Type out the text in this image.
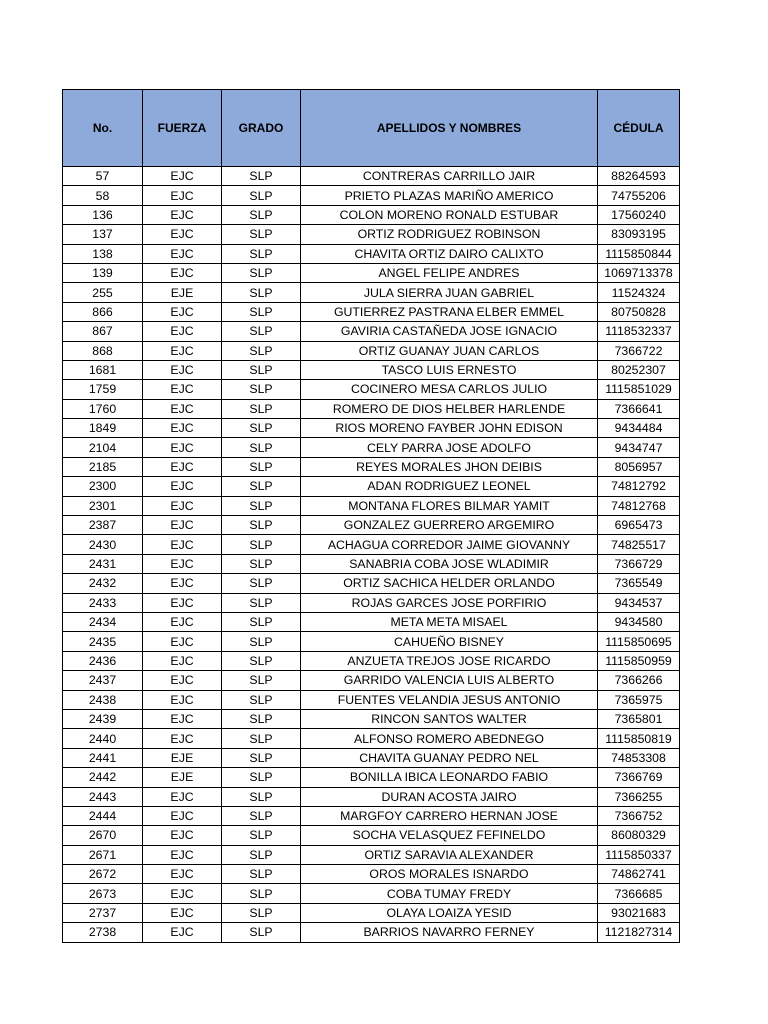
No.	FUERZA	GRADO	APELLIDOS Y NOMBRES	CÉDULA
57	EJC	SLP	CONTRERAS CARRILLO JAIR	88264593
58	EJC	SLP	PRIETO PLAZAS MARIÑO AMERICO	74755206
136	EJC	SLP	COLON MORENO RONALD ESTUBAR	17560240
137	EJC	SLP	ORTIZ RODRIGUEZ ROBINSON	83093195
138	EJC	SLP	CHAVITA ORTIZ DAIRO CALIXTO	1115850844
139	EJC	SLP	ANGEL FELIPE ANDRES	1069713378
255	EJE	SLP	JULA SIERRA JUAN GABRIEL	11524324
866	EJC	SLP	GUTIERREZ PASTRANA ELBER EMMEL	80750828
867	EJC	SLP	GAVIRIA CASTAÑEDA JOSE IGNACIO	1118532337
868	EJC	SLP	ORTIZ GUANAY JUAN CARLOS	7366722
1681	EJC	SLP	TASCO LUIS ERNESTO	80252307
1759	EJC	SLP	COCINERO MESA CARLOS JULIO	1115851029
1760	EJC	SLP	ROMERO DE DIOS HELBER HARLENDE	7366641
1849	EJC	SLP	RIOS MORENO FAYBER JOHN EDISON	9434484
2104	EJC	SLP	CELY PARRA JOSE ADOLFO	9434747
2185	EJC	SLP	REYES MORALES JHON DEIBIS	8056957
2300	EJC	SLP	ADAN RODRIGUEZ LEONEL	74812792
2301	EJC	SLP	MONTANA FLORES BILMAR YAMIT	74812768
2387	EJC	SLP	GONZALEZ GUERRERO ARGEMIRO	6965473
2430	EJC	SLP	ACHAGUA CORREDOR JAIME GIOVANNY	74825517
2431	EJC	SLP	SANABRIA COBA JOSE WLADIMIR	7366729
2432	EJC	SLP	ORTIZ SACHICA HELDER ORLANDO	7365549
2433	EJC	SLP	ROJAS GARCES JOSE PORFIRIO	9434537
2434	EJC	SLP	META META MISAEL	9434580
2435	EJC	SLP	CAHUEÑO BISNEY	1115850695
2436	EJC	SLP	ANZUETA TREJOS JOSE RICARDO	1115850959
2437	EJC	SLP	GARRIDO VALENCIA LUIS ALBERTO	7366266
2438	EJC	SLP	FUENTES VELANDIA JESUS ANTONIO	7365975
2439	EJC	SLP	RINCON SANTOS WALTER	7365801
2440	EJC	SLP	ALFONSO ROMERO ABEDNEGO	1115850819
2441	EJE	SLP	CHAVITA GUANAY PEDRO NEL	74853308
2442	EJE	SLP	BONILLA IBICA LEONARDO FABIO	7366769
2443	EJC	SLP	DURAN ACOSTA JAIRO	7366255
2444	EJC	SLP	MARGFOY CARRERO HERNAN JOSE	7366752
2670	EJC	SLP	SOCHA VELASQUEZ FEFINELDO	86080329
2671	EJC	SLP	ORTIZ SARAVIA ALEXANDER	1115850337
2672	EJC	SLP	OROS MORALES ISNARDO	74862741
2673	EJC	SLP	COBA TUMAY FREDY	7366685
2737	EJC	SLP	OLAYA LOAIZA YESID	93021683
2738	EJC	SLP	BARRIOS NAVARRO FERNEY	1121827314
